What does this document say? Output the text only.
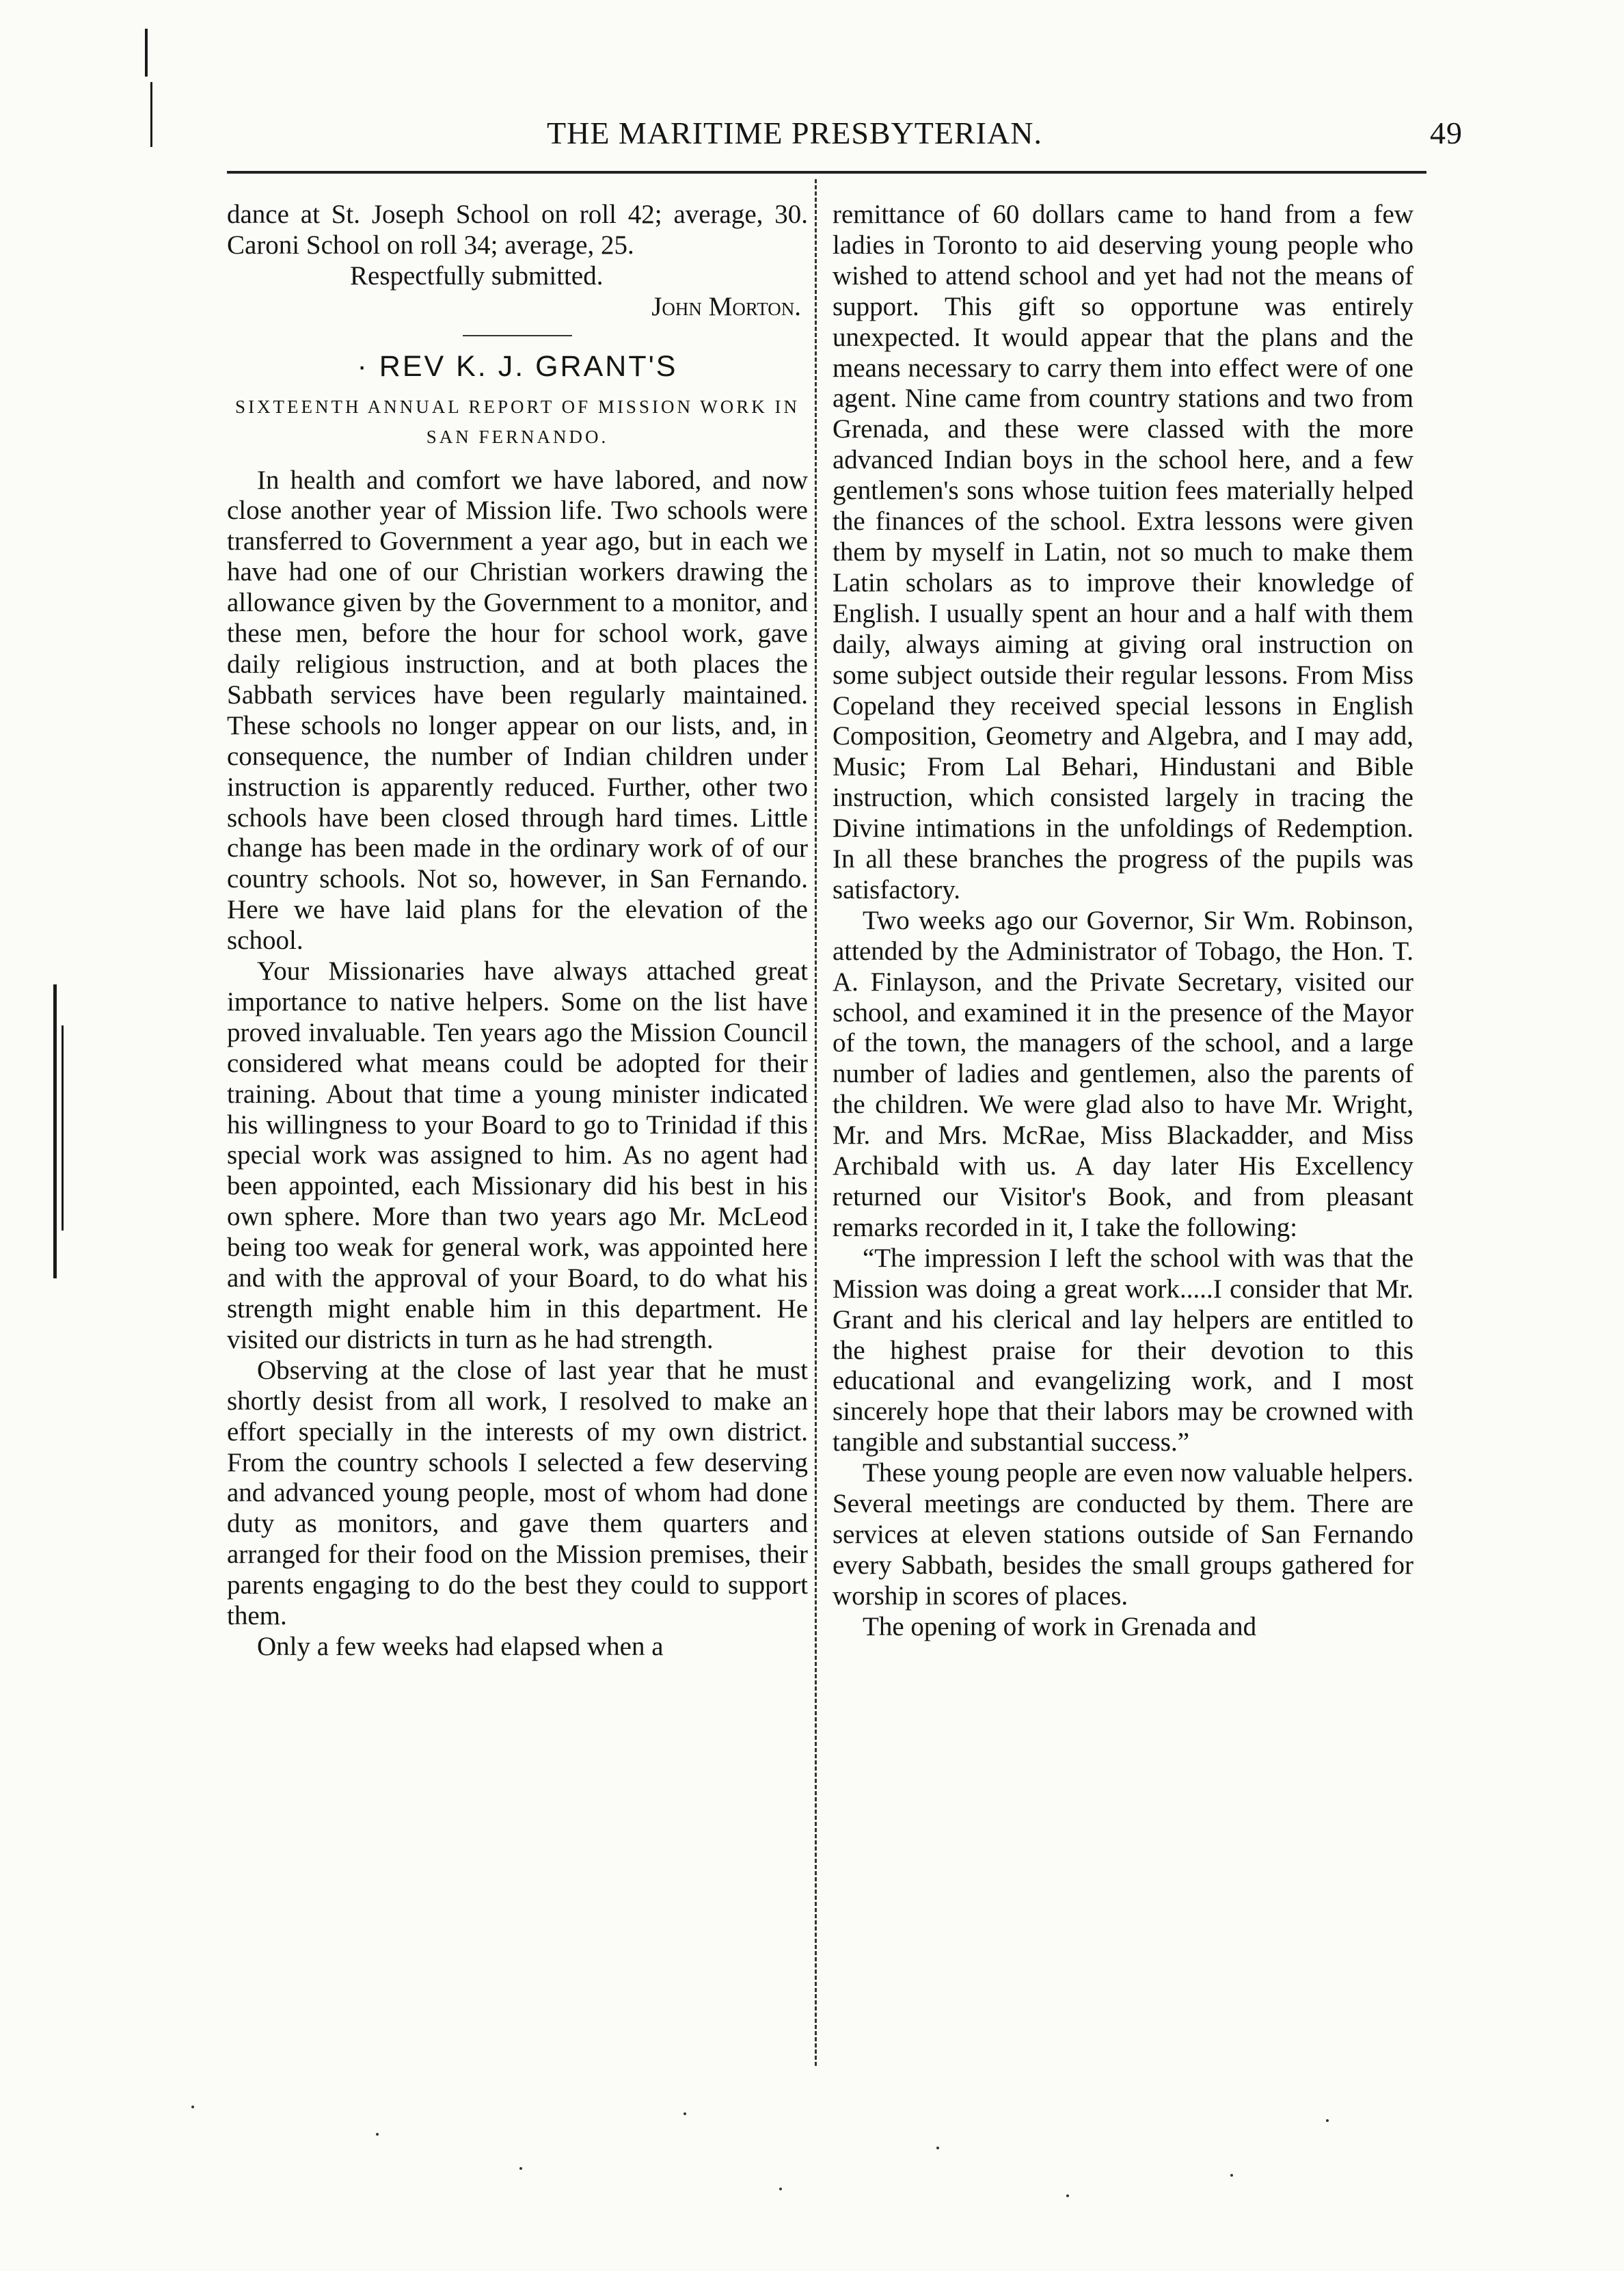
THE MARITIME PRESBYTERIAN.	49

dance at St. Joseph School on roll 42; average, 30. Caroni School on roll 34; average, 25.

Respectfully submitted.

John Morton.

· REV K. J. GRANT'S

SIXTEENTH ANNUAL REPORT OF MISSION WORK IN SAN FERNANDO.

In health and comfort we have labored, and now close another year of Mission life. Two schools were transferred to Government a year ago, but in each we have had one of our Christian workers drawing the allowance given by the Government to a monitor, and these men, before the hour for school work, gave daily religious instruction, and at both places the Sabbath services have been regularly maintained. These schools no longer appear on our lists, and, in consequence, the number of Indian children under instruction is apparently reduced. Further, other two schools have been closed through hard times. Little change has been made in the ordinary work of of our country schools. Not so, however, in San Fernando. Here we have laid plans for the elevation of the school.

Your Missionaries have always attached great importance to native helpers. Some on the list have proved invaluable. Ten years ago the Mission Council considered what means could be adopted for their training. About that time a young minister indicated his willingness to your Board to go to Trinidad if this special work was assigned to him. As no agent had been appointed, each Missionary did his best in his own sphere. More than two years ago Mr. McLeod being too weak for general work, was appointed here and with the approval of your Board, to do what his strength might enable him in this department. He visited our districts in turn as he had strength.

Observing at the close of last year that he must shortly desist from all work, I resolved to make an effort specially in the interests of my own district. From the country schools I selected a few deserving and advanced young people, most of whom had done duty as monitors, and gave them quarters and arranged for their food on the Mission premises, their parents engaging to do the best they could to support them.

Only a few weeks had elapsed when a

remittance of 60 dollars came to hand from a few ladies in Toronto to aid deserving young people who wished to attend school and yet had not the means of support. This gift so opportune was entirely unexpected. It would appear that the plans and the means necessary to carry them into effect were of one agent. Nine came from country stations and two from Grenada, and these were classed with the more advanced Indian boys in the school here, and a few gentlemen's sons whose tuition fees materially helped the finances of the school. Extra lessons were given them by myself in Latin, not so much to make them Latin scholars as to improve their knowledge of English. I usually spent an hour and a half with them daily, always aiming at giving oral instruction on some subject outside their regular lessons. From Miss Copeland they received special lessons in English Composition, Geometry and Algebra, and I may add, Music; From Lal Behari, Hindustani and Bible instruction, which consisted largely in tracing the Divine intimations in the unfoldings of Redemption. In all these branches the progress of the pupils was satisfactory.

Two weeks ago our Governor, Sir Wm. Robinson, attended by the Administrator of Tobago, the Hon. T. A. Finlayson, and the Private Secretary, visited our school, and examined it in the presence of the Mayor of the town, the managers of the school, and a large number of ladies and gentlemen, also the parents of the children. We were glad also to have Mr. Wright, Mr. and Mrs. McRae, Miss Blackadder, and Miss Archibald with us. A day later His Excellency returned our Visitor's Book, and from pleasant remarks recorded in it, I take the following:

“The impression I left the school with was that the Mission was doing a great work.....I consider that Mr. Grant and his clerical and lay helpers are entitled to the highest praise for their devotion to this educational and evangelizing work, and I most sincerely hope that their labors may be crowned with tangible and substantial success.”

These young people are even now valuable helpers. Several meetings are conducted by them. There are services at eleven stations outside of San Fernando every Sabbath, besides the small groups gathered for worship in scores of places.

The opening of work in Grenada and
